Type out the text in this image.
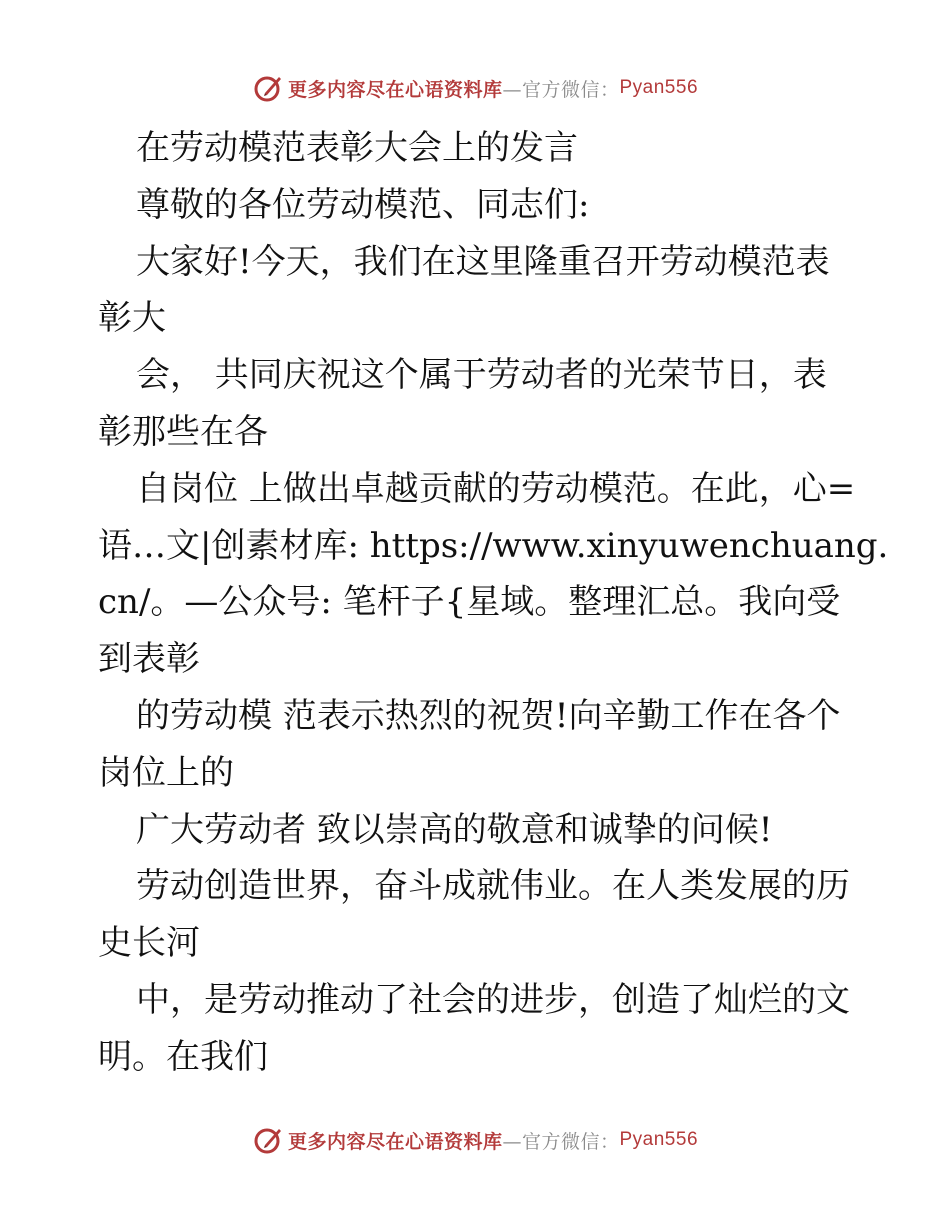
更多内容尽在心语资料库 —官方微信： Pyan556
在劳动模范表彰大会上的发言
尊敬的各位劳动模范、同志们:
大家好!今天，我们在这里隆重召开劳动模范表
彰大
会， 共同庆祝这个属于劳动者的光荣节日，表
彰那些在各
自岗位 上做出卓越贡献的劳动模范。在此，心=
语…文|创素材库: https://www.xinyuwenchuang.
cn/。—公众号: 笔杆子{星域。整理汇总。我向受
到表彰
的劳动模 范表示热烈的祝贺!向辛勤工作在各个
岗位上的
广大劳动者 致以崇高的敬意和诚挚的问候!
劳动创造世界，奋斗成就伟业。在人类发展的历
史长河
中，是劳动推动了社会的进步，创造了灿烂的文
明。在我们
更多内容尽在心语资料库 —官方微信： Pyan556
